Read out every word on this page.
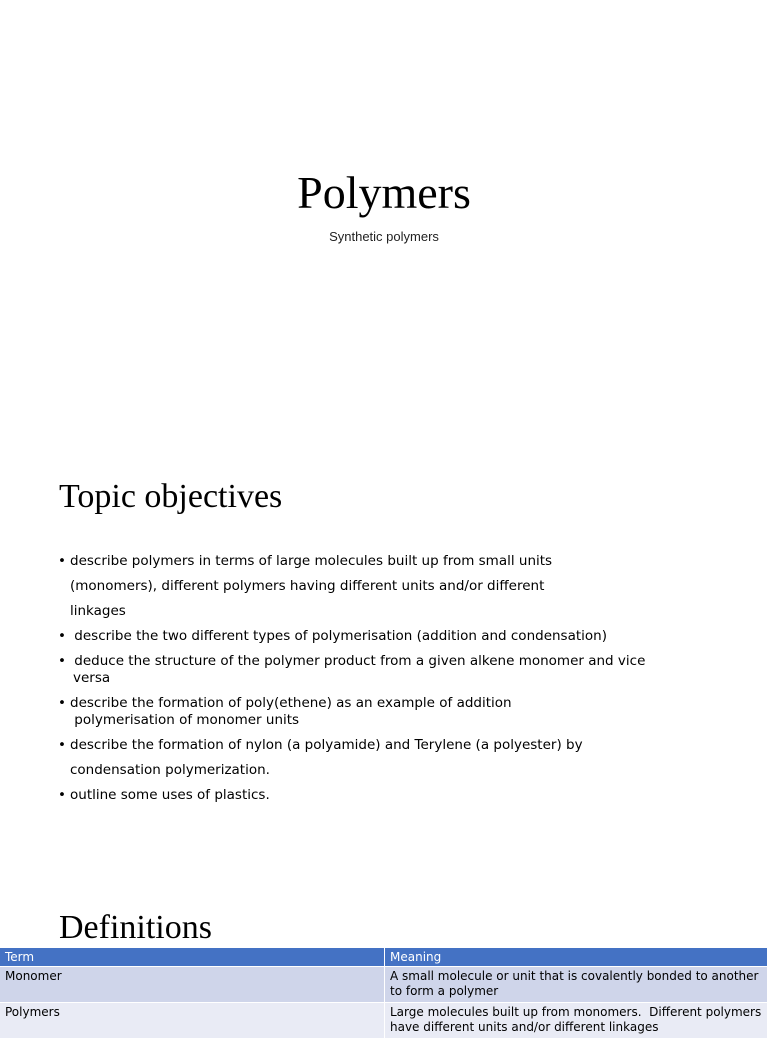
Polymers
Synthetic polymers
Topic objectives
• describe polymers in terms of large molecules built up from small units
(monomers), different polymers having different units and/or different
linkages
• describe the two different types of polymerisation (addition and condensation)
• deduce the structure of the polymer product from a given alkene monomer and vice
versa
• describe the formation of poly(ethene) as an example of addition
polymerisation of monomer units
• describe the formation of nylon (a polyamide) and Terylene (a polyester) by
condensation polymerization.
• outline some uses of plastics.
Definitions
Term	Meaning
Monomer	A small molecule or unit that is covalently bonded to another
to form a polymer

Polymers	Large molecules built up from monomers.  Different polymers
have different units and/or different linkages
